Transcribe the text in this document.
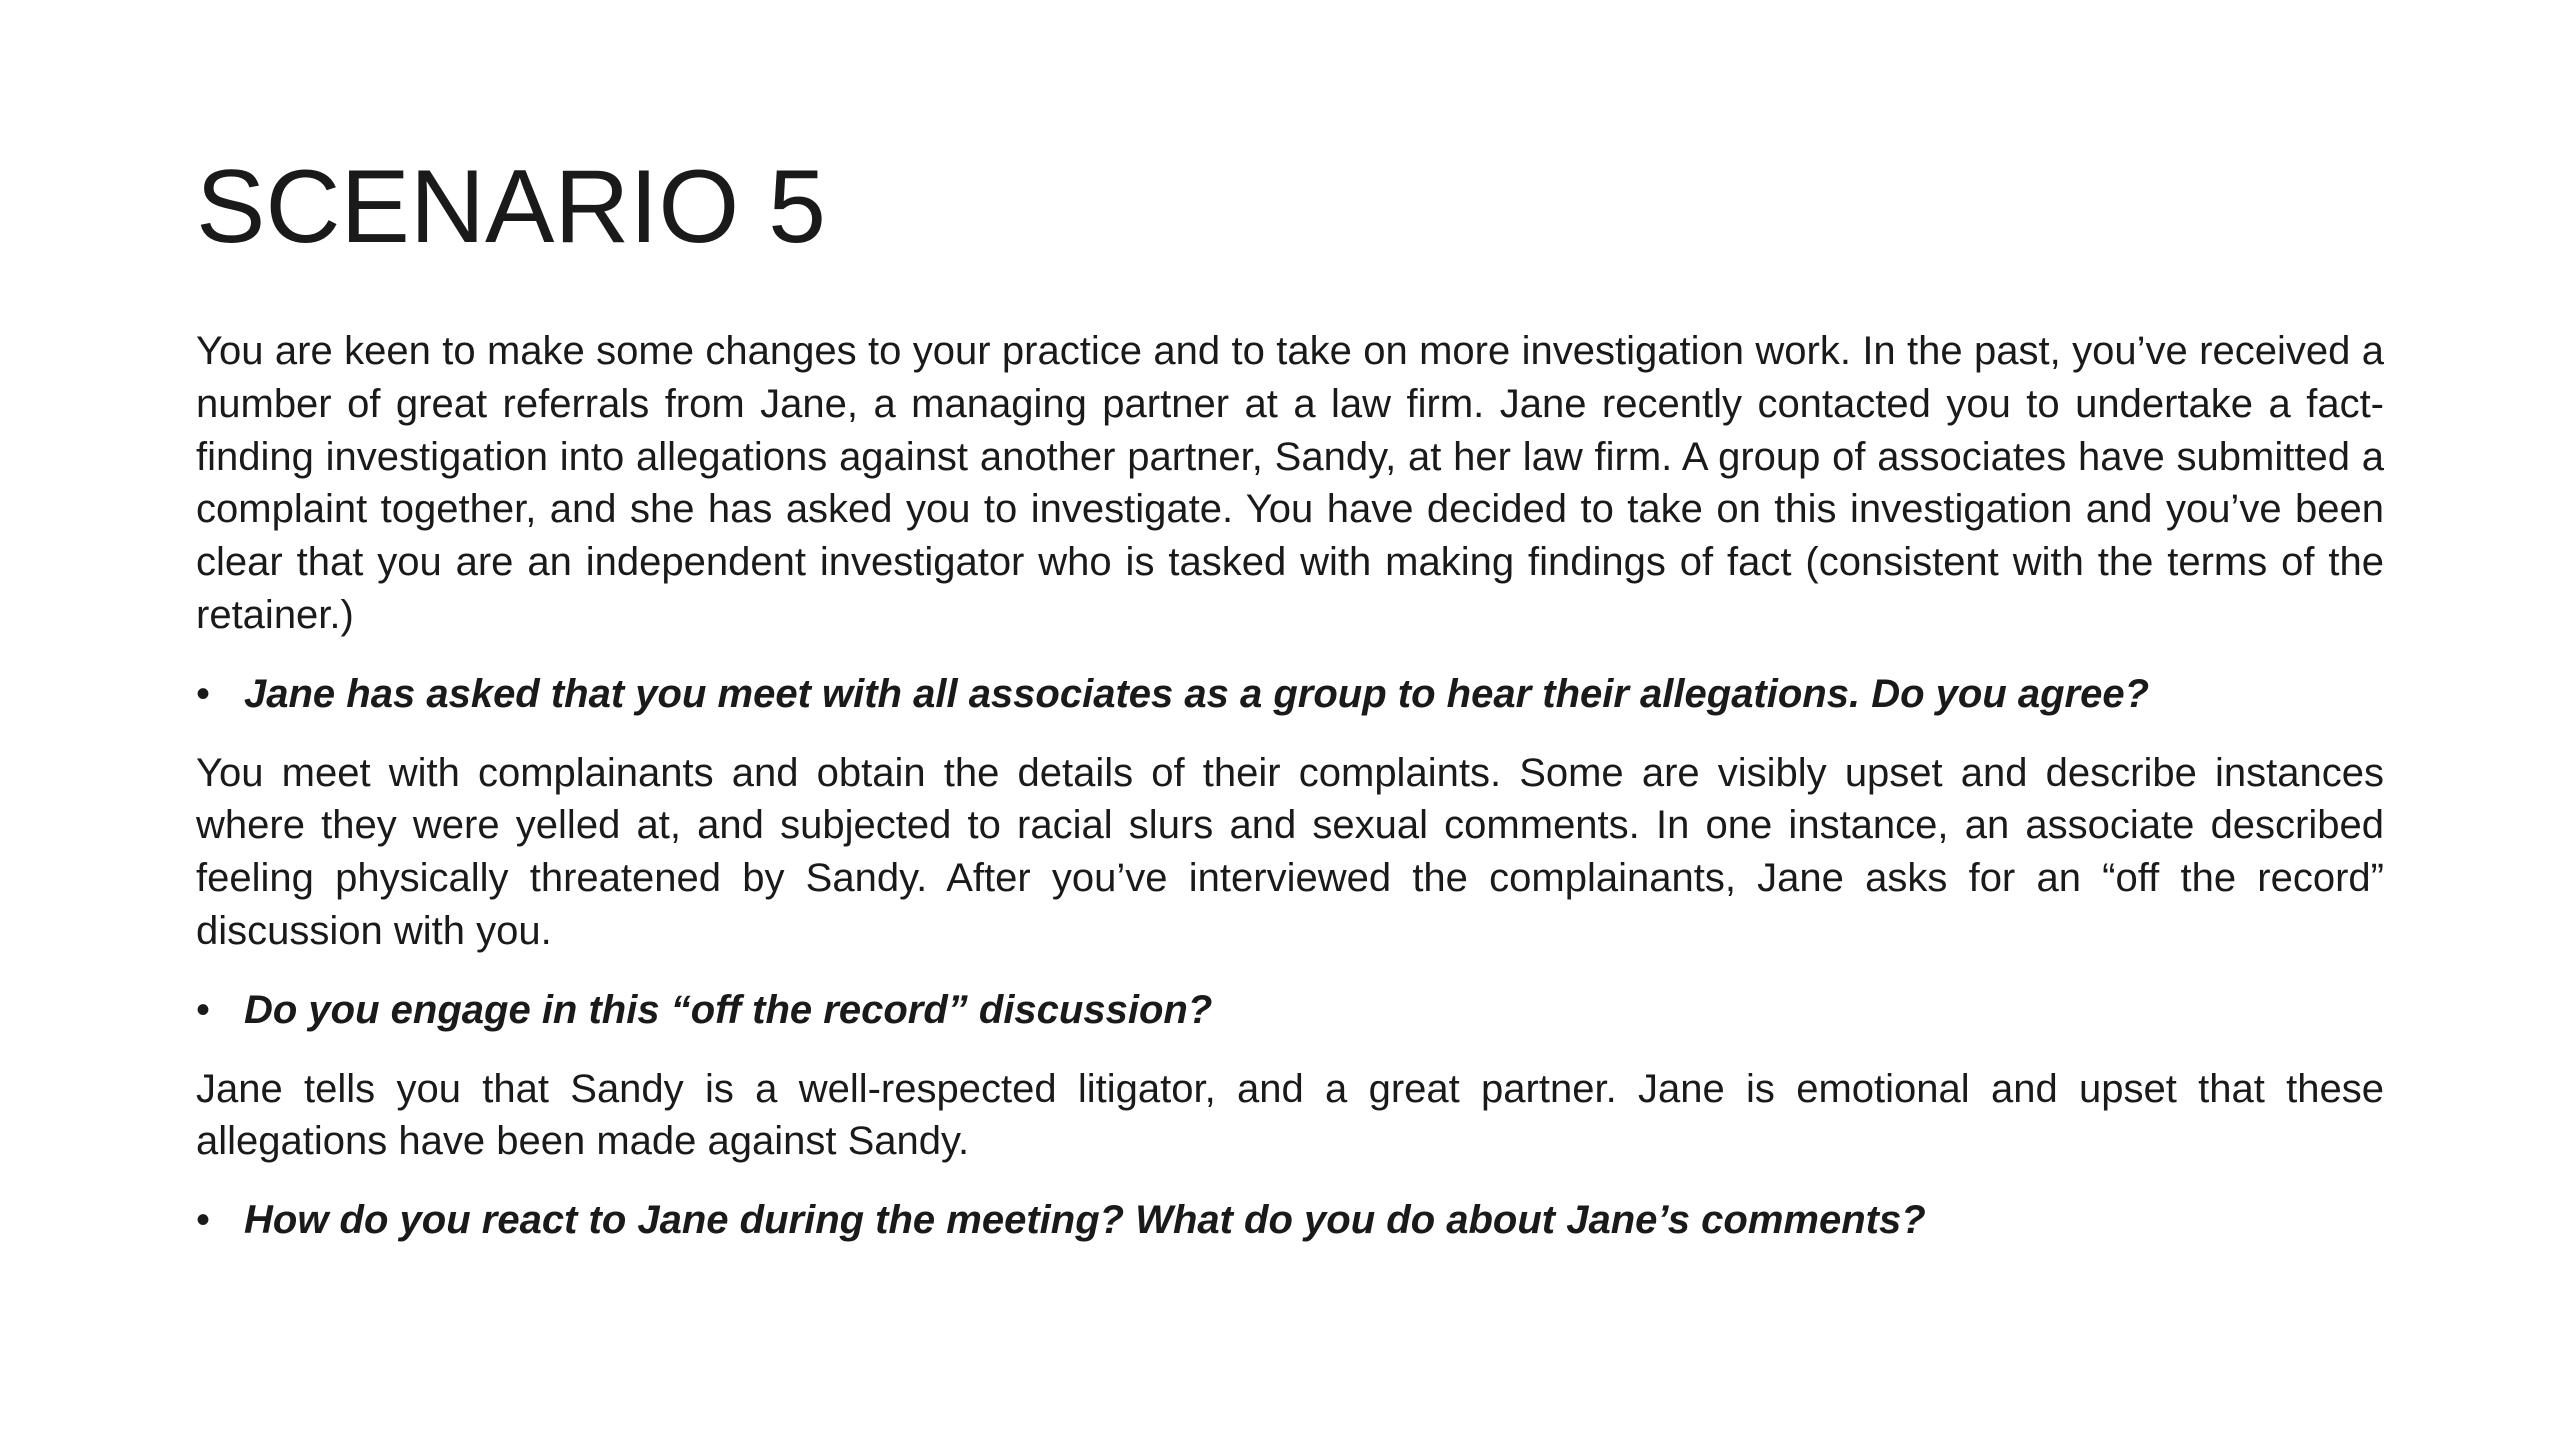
SCENARIO 5

You are keen to make some changes to your practice and to take on more investigation work. In the past, you’ve received a number of great referrals from Jane, a managing partner at a law firm. Jane recently contacted you to undertake a fact-finding investigation into allegations against another partner, Sandy, at her law firm. A group of associates have submitted a complaint together, and she has asked you to investigate. You have decided to take on this investigation and you’ve been clear that you are an independent investigator who is tasked with making findings of fact (consistent with the terms of the retainer.)

• Jane has asked that you meet with all associates as a group to hear their allegations. Do you agree?

You meet with complainants and obtain the details of their complaints. Some are visibly upset and describe instances where they were yelled at, and subjected to racial slurs and sexual comments. In one instance, an associate described feeling physically threatened by Sandy. After you’ve interviewed the complainants, Jane asks for an “off the record” discussion with you.

• Do you engage in this “off the record” discussion?

Jane tells you that Sandy is a well-respected litigator, and a great partner. Jane is emotional and upset that these allegations have been made against Sandy.

• How do you react to Jane during the meeting? What do you do about Jane’s comments?
